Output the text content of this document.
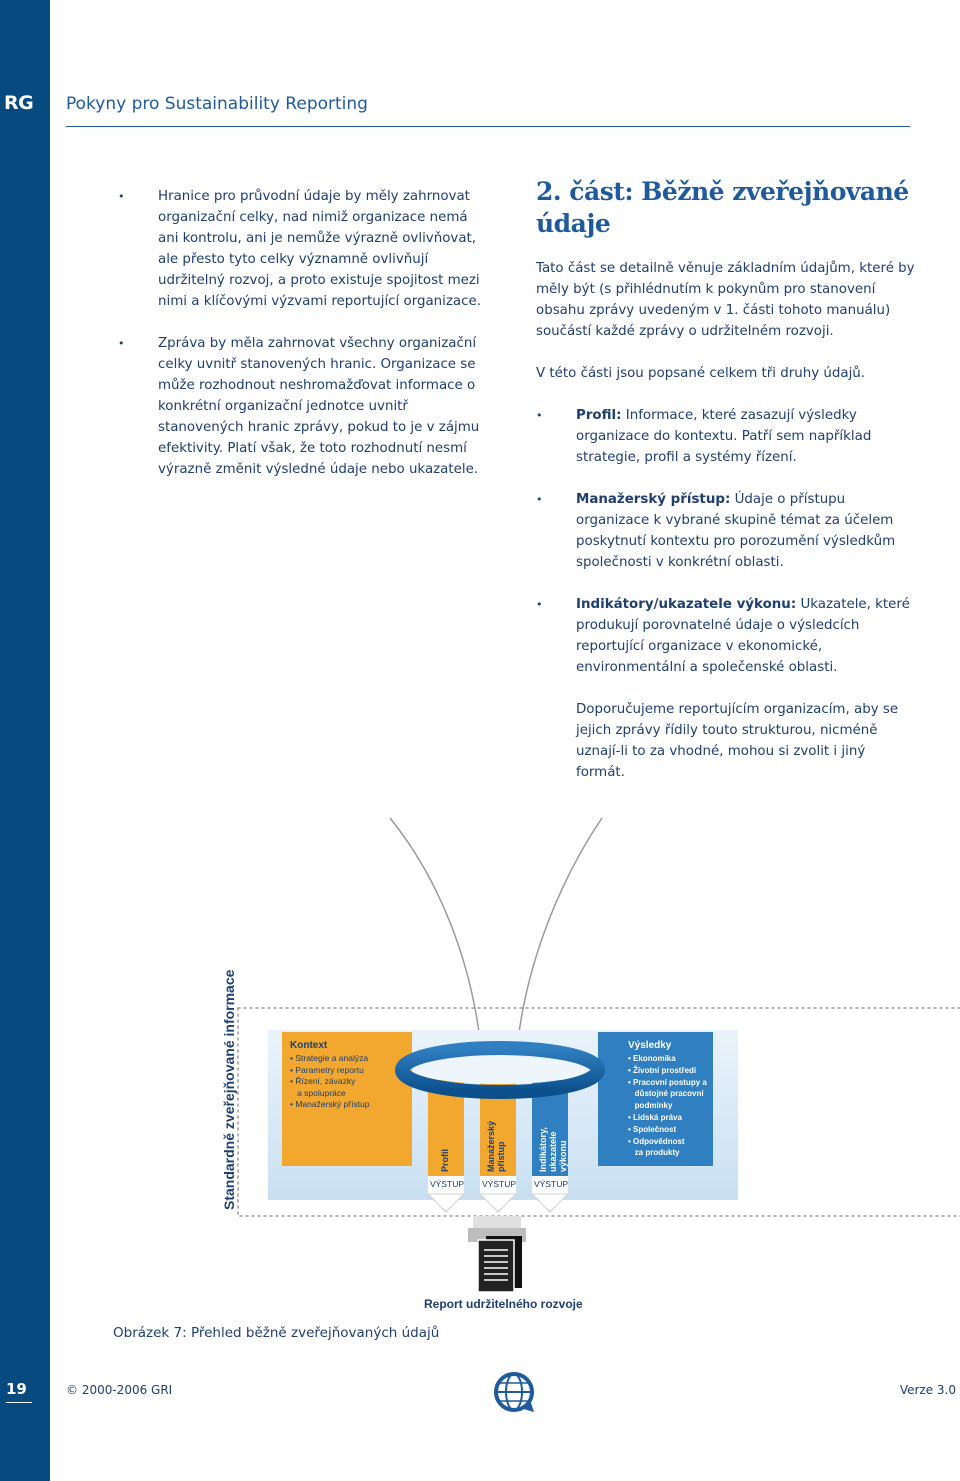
RG Pokyny pro Sustainability Reporting
•	Hranice pro průvodní údaje by měly zahrnovat organizační celky, nad nimiž organizace nemá ani kontrolu, ani je nemůže výrazně ovlivňovat, ale přesto tyto celky významně ovlivňují udržitelný rozvoj, a proto existuje spojitost mezi nimi a klíčovými výzvami reportující organizace.
•	Zpráva by měla zahrnovat všechny organizační celky uvnitř stanovených hranic. Organizace se může rozhodnout neshromažďovat informace o konkrétní organizační jednotce uvnitř stanovených hranic zprávy, pokud to je v zájmu efektivity. Platí však, že toto rozhodnutí nesmí výrazně změnit výsledné údaje nebo ukazatele.
2. část: Běžně zveřejňované údaje

Tato část se detailně věnuje základním údajům, které by měly být (s přihlédnutím k pokynům pro stanovení obsahu zprávy uvedeným v 1. části tohoto manuálu) součástí každé zprávy o udržitelném rozvoji.

V této části jsou popsané celkem tři druhy údajů.

•	Profil: Informace, které zasazují výsledky organizace do kontextu. Patří sem například strategie, profil a systémy řízení.
•	Manažerský přístup: Údaje o přístupu organizace k vybrané skupině témat za účelem poskytnutí kontextu pro porozumění výsledkům společnosti v konkrétní oblasti.
•	Indikátory/ukazatele výkonu: Ukazatele, které produkují porovnatelné údaje o výsledcích reportující organizace v ekonomické, environmentální a společenské oblasti.

Doporučujeme reportujícím organizacím, aby se jejich zprávy řídily touto strukturou, nicméně uznají-li to za vhodné, mohou si zvolit i jiný formát.

Standardně zveřejňované informace	Kontext
• Strategie a analýza
• Parametry reportu
• Řízení, závazky
a spolupráce
• Manažerský přístup
Výsledky
• Ekonomika
• Životní prostředí
• Pracovní postupy a
důstojné pracovní
podmínky
• Lidská práva
• Společnost
• Odpovědnost
za produkty
Profil	Manažerský přístup	Indikátory, ukazatele výkonu
VÝSTUP VÝSTUP VÝSTUP
Report udržitelného rozvoje
Obrázek 7: Přehled běžně zveřejňovaných údajů
19	© 2000-2006 GRI	Verze 3.0
